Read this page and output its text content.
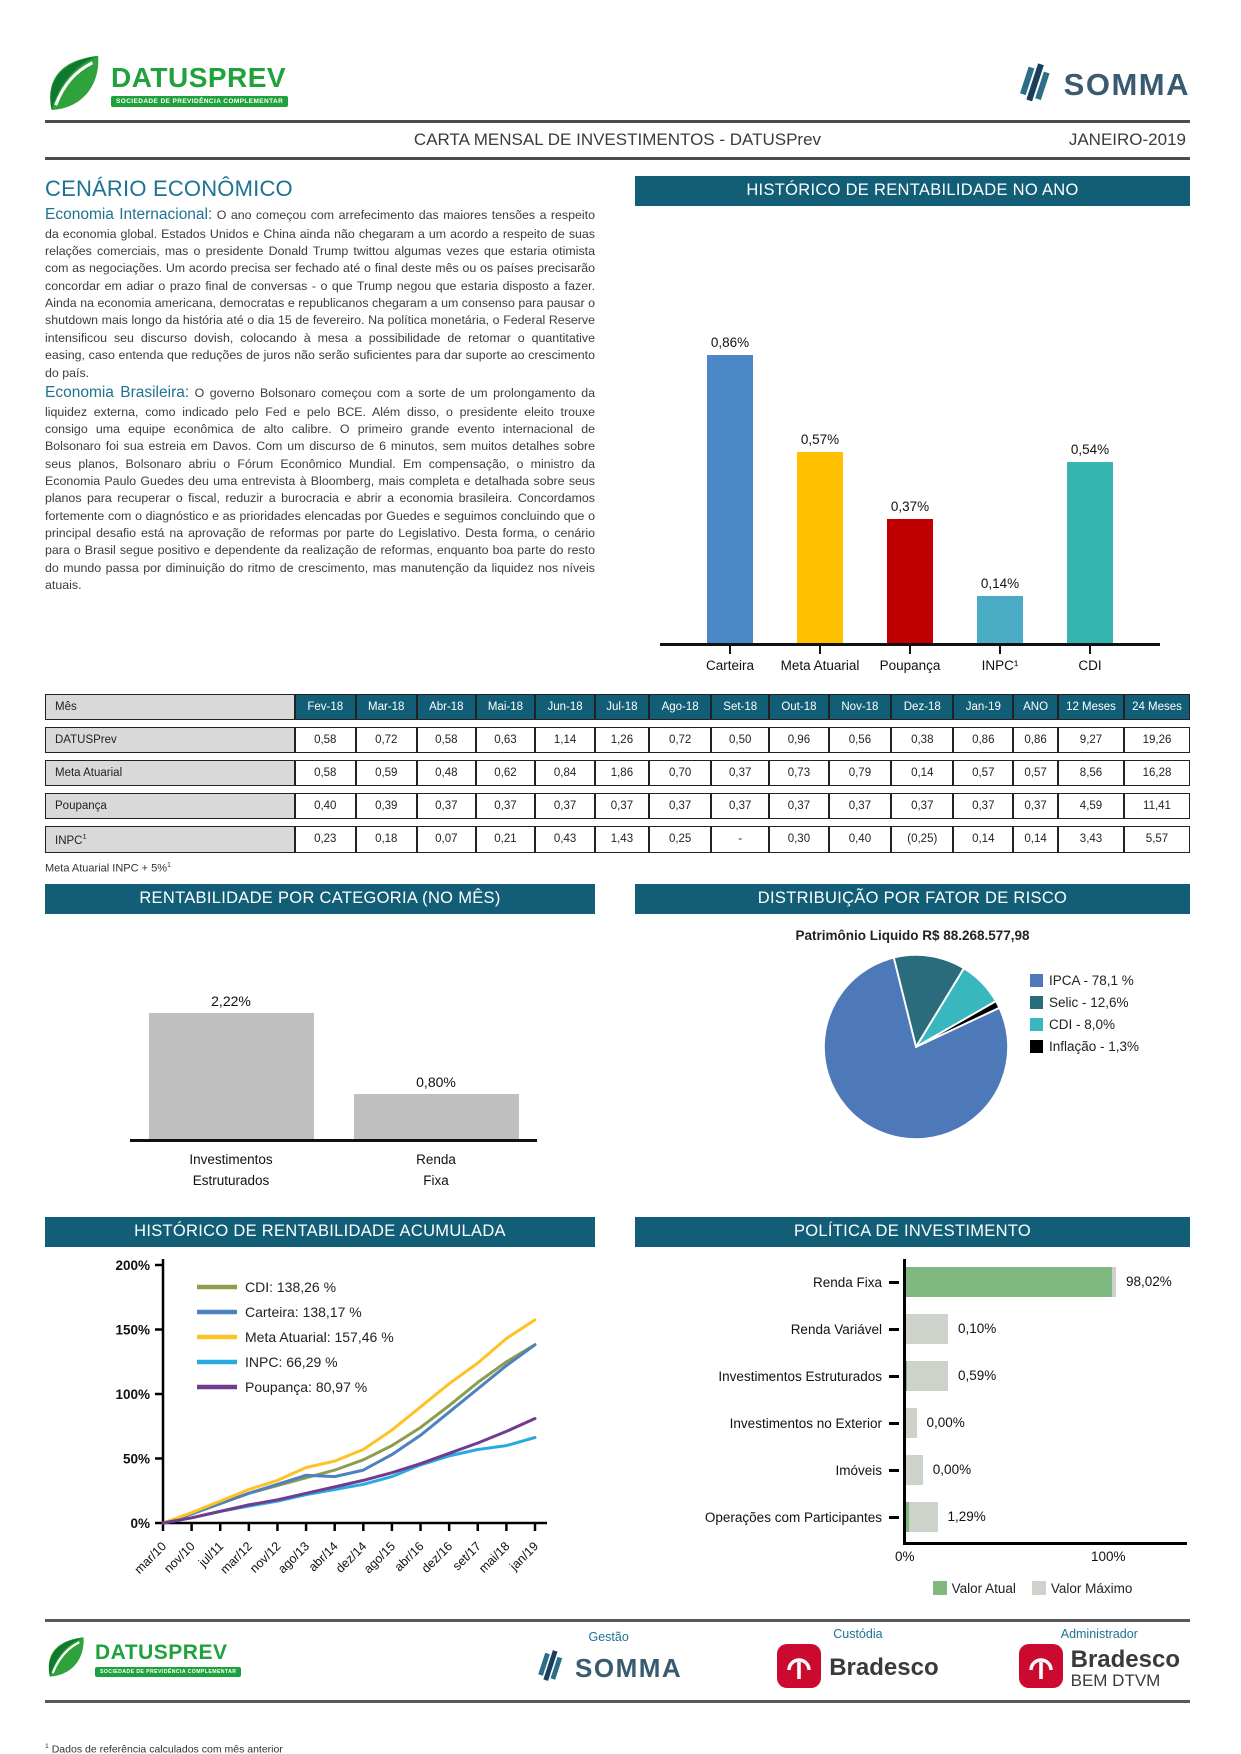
DATUSPREV
SOCIEDADE DE PREVIDÊNCIA COMPLEMENTAR	SOMMA
CARTA MENSAL DE INVESTIMENTOS - DATUSPrev	JANEIRO-2019
CENÁRIO ECONÔMICO

Economia Internacional: O ano começou com arrefecimento das maiores tensões a respeito da economia global. Estados Unidos e China ainda não chegaram a um acordo a respeito de suas relações comerciais, mas o presidente Donald Trump twittou algumas vezes que estaria otimista com as negociações. Um acordo precisa ser fechado até o final deste mês ou os países precisarão concordar em adiar o prazo final de conversas - o que Trump negou que estaria disposto a fazer. Ainda na economia americana, democratas e republicanos chegaram a um consenso para pausar o shutdown mais longo da história até o dia 15 de fevereiro. Na política monetária, o Federal Reserve intensificou seu discurso dovish, colocando à mesa a possibilidade de retomar o quantitative easing, caso entenda que reduções de juros não serão suficientes para dar suporte ao crescimento do país.

Economia Brasileira: O governo Bolsonaro começou com a sorte de um prolongamento da liquidez externa, como indicado pelo Fed e pelo BCE. Além disso, o presidente eleito trouxe consigo uma equipe econômica de alto calibre. O primeiro grande evento internacional de Bolsonaro foi sua estreia em Davos. Com um discurso de 6 minutos, sem muitos detalhes sobre seus planos, Bolsonaro abriu o Fórum Econômico Mundial. Em compensação, o ministro da Economia Paulo Guedes deu uma entrevista à Bloomberg, mais completa e detalhada sobre seus planos para recuperar o fiscal, reduzir a burocracia e abrir a economia brasileira. Concordamos fortemente com o diagnóstico e as prioridades elencadas por Guedes e seguimos concluindo que o principal desafio está na aprovação de reformas por parte do Legislativo. Desta forma, o cenário para o Brasil segue positivo e dependente da realização de reformas, enquanto boa parte do resto do mundo passa por diminuição do ritmo de crescimento, mas manutenção da liquidez nos níveis atuais.

HISTÓRICO DE RENTABILIDADE NO ANO
0,86%
0,57%
0,37%
0,14%
0,54%
Carteira Meta Atuarial Poupança	INPC¹	CDI
Mês	Fev-18	Mar-18	Abr-18	Mai-18	Jun-18	Jul-18	Ago-18	Set-18	Out-18	Nov-18	Dez-18	Jan-19	ANO	12 Meses	24 Meses
DATUSPrev	0,58	0,72	0,58	0,63	1,14	1,26	0,72	0,50	0,96	0,56	0,38	0,86	0,86	9,27	19,26
Meta Atuarial	0,58	0,59	0,48	0,62	0,84	1,86	0,70	0,37	0,73	0,79	0,14	0,57	0,57	8,56	16,28
Poupança	0,40	0,39	0,37	0,37	0,37	0,37	0,37	0,37	0,37	0,37	0,37	0,37	0,37	4,59	11,41
INPC$^1$	0,23	0,18	0,07	0,21	0,43	1,43	0,25	-	0,30	0,40	(0,25)	0,14	0,14	3,43	5,57
Meta Atuarial INPC + 5%$^1$
RENTABILIDADE POR CATEGORIA (NO MÊS)
2,22%
0,80%
Investimentos
Estruturados
Renda
Fixa
DISTRIBUIÇÃO POR FATOR DE RISCO
Patrimônio Liquido R$ 88.268.577,98
IPCA - 78,1 %
Selic - 12,6%
CDI - 8,0%
Inflação - 1,3%
HISTÓRICO DE RENTABILIDADE ACUMULADA
0%
50%
100%
150%
200%
mar/10
nov/10
jul/11
mar/12
nov/12
ago/13
abr/14
dez/14
ago/15
abr/16
dez/16
set/17
mai/18
jan/19
CDI: 138,26 %
Carteira: 138,17 %
Meta Atuarial: 157,46 %
INPC: 66,29 %
Poupança: 80,97 %
POLÍTICA DE INVESTIMENTO
Renda Fixa
Renda Variável
Investimentos Estruturados
Investimentos no Exterior
Imóveis
Operações com Participantes
98,02%
0,10%
0,59%
0,00%
0,00%
1,29%
0%	100%
Valor Atual	Valor Máximo
DATUSPREV
SOCIEDADE DE PREVIDÊNCIA COMPLEMENTAR
Gestão
SOMMA
Custódia
Bradesco
Administrador
Bradesco
BEM DTVM
$^1$ Dados de referência calculados com mês anterior
